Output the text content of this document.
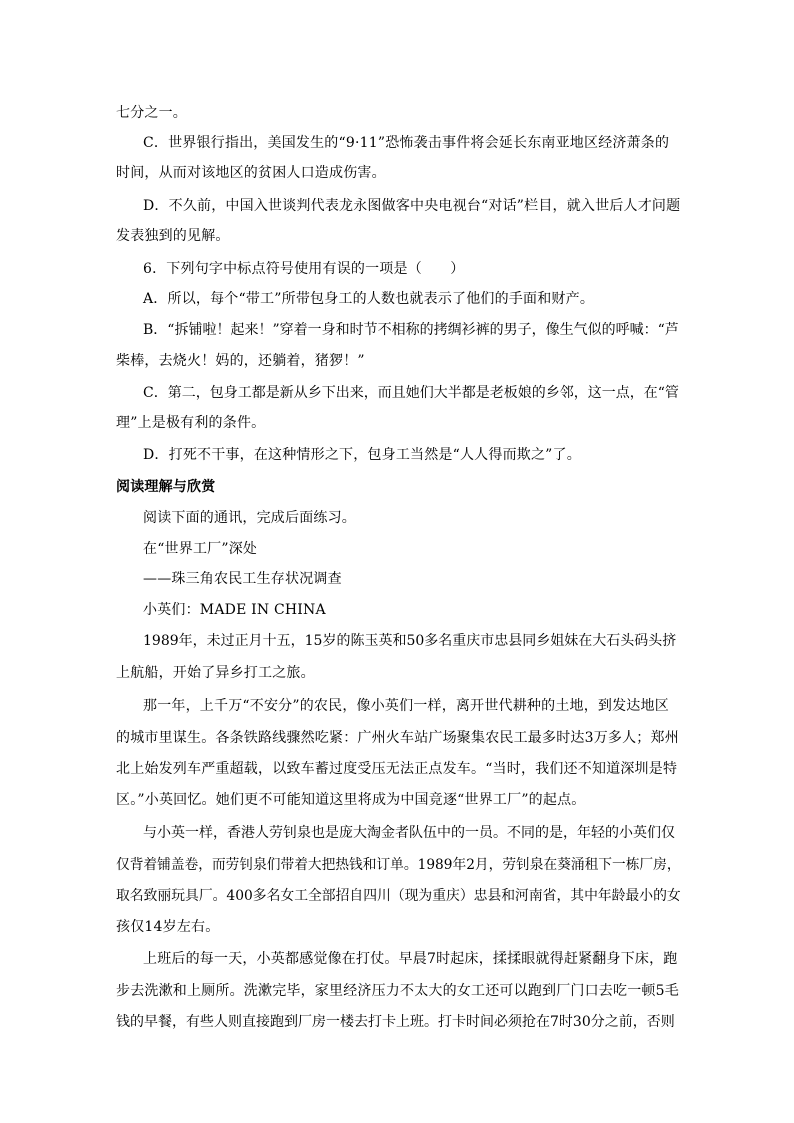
七分之一。
C．世界银行指出，美国发生的“9·11”恐怖袭击事件将会延长东南亚地区经济萧条的
时间，从而对该地区的贫困人口造成伤害。
D．不久前，中国入世谈判代表龙永图做客中央电视台“对话”栏目，就入世后人才问题
发表独到的见解。
6．下列句字中标点符号使用有误的一项是（　　）
A．所以，每个“带工”所带包身工的人数也就表示了他们的手面和财产。
B．“拆铺啦！起来！”穿着一身和时节不相称的拷绸衫裤的男子，像生气似的呼喊：“芦
柴棒，去烧火！妈的，还躺着，猪猡！”
C．第二，包身工都是新从乡下出来，而且她们大半都是老板娘的乡邻，这一点，在“管
理”上是极有利的条件。
D．打死不干事，在这种情形之下，包身工当然是“人人得而欺之”了。
阅读理解与欣赏
阅读下面的通讯，完成后面练习。
在“世界工厂”深处
——珠三角农民工生存状况调查
小英们：MADE IN CHINA
1989年，未过正月十五，15岁的陈玉英和50多名重庆市忠县同乡姐妹在大石头码头挤
上航船，开始了异乡打工之旅。
那一年，上千万“不安分”的农民，像小英们一样，离开世代耕种的土地，到发达地区
的城市里谋生。各条铁路线骤然吃紧：广州火车站广场聚集农民工最多时达3万多人；郑州
北上始发列车严重超载，以致车蓄过度受压无法正点发车。“当时，我们还不知道深圳是特
区。”小英回忆。她们更不可能知道这里将成为中国竞逐“世界工厂”的起点。
与小英一样，香港人劳钊泉也是庞大淘金者队伍中的一员。不同的是，年轻的小英们仅
仅背着铺盖卷，而劳钊泉们带着大把热钱和订单。1989年2月，劳钊泉在葵涌租下一栋厂房，
取名致丽玩具厂。400多名女工全部招自四川（现为重庆）忠县和河南省，其中年龄最小的女
孩仅14岁左右。
上班后的每一天，小英都感觉像在打仗。早晨7时起床，揉揉眼就得赶紧翻身下床，跑
步去洗漱和上厕所。洗漱完毕，家里经济压力不太大的女工还可以跑到厂门口去吃一顿5毛
钱的早餐，有些人则直接跑到厂房一楼去打卡上班。打卡时间必须抢在7时30分之前，否则
